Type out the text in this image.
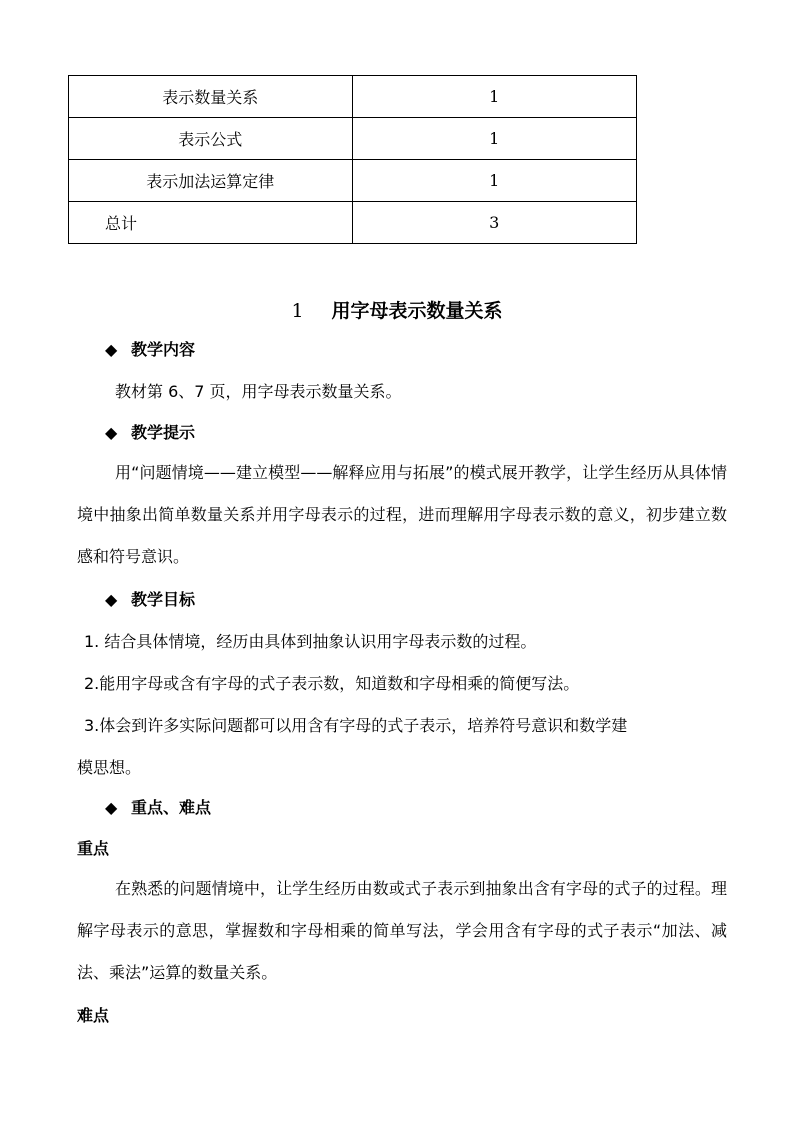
表示数量关系	1
表示公式	1
表示加法运算定律	1
总计	3
1 用字母表示数量关系
◆ 教学内容
教材第 6、7 页，用字母表示数量关系。
◆ 教学提示
用“问题情境——建立模型——解释应用与拓展”的模式展开教学，让学生经历从具体情境中抽象出简单数量关系并用字母表示的过程，进而理解用字母表示数的意义，初步建立数感和符号意识。
◆ 教学目标
1. 结合具体情境，经历由具体到抽象认识用字母表示数的过程。
2.能用字母或含有字母的式子表示数，知道数和字母相乘的简便写法。
3.体会到许多实际问题都可以用含有字母的式子表示，培养符号意识和数学建
模思想。
◆ 重点、难点
重点
在熟悉的问题情境中，让学生经历由数或式子表示到抽象出含有字母的式子的过程。理解字母表示的意思，掌握数和字母相乘的简单写法，学会用含有字母的式子表示“加法、减法、乘法”运算的数量关系。
难点
